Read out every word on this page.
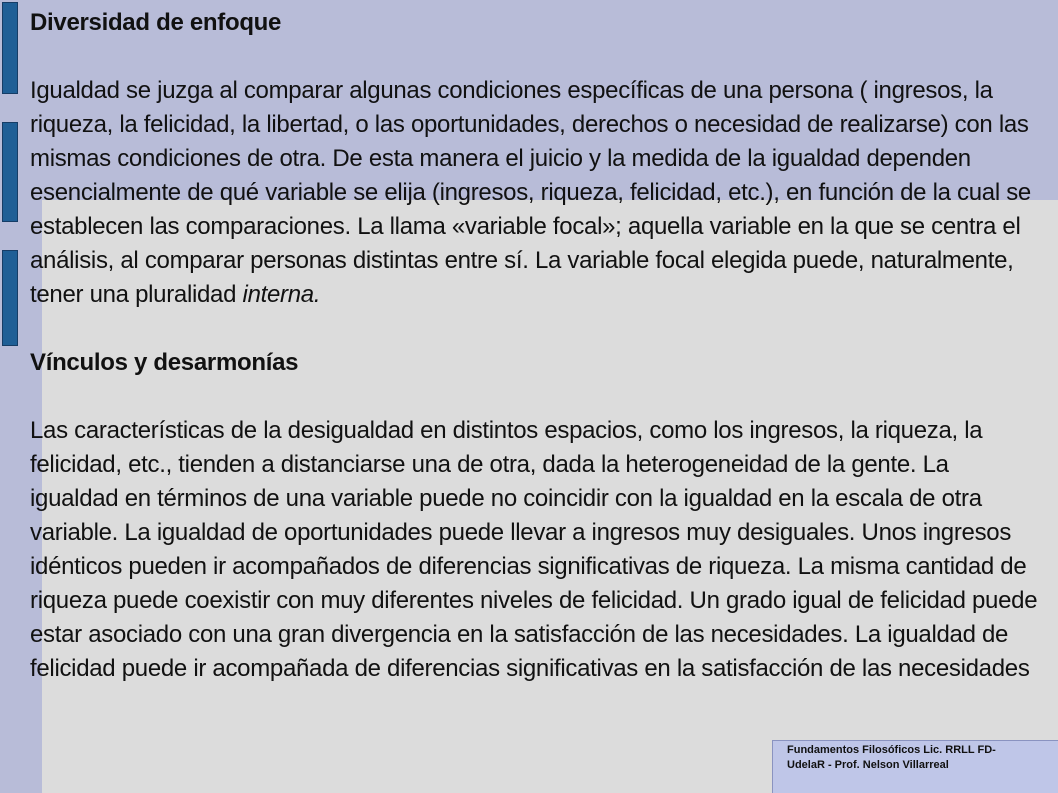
Diversidad de enfoque

Igualdad se juzga al comparar algunas condiciones específicas de una persona ( ingresos, la riqueza, la felicidad, la libertad, o las oportunidades, derechos o necesidad de realizarse) con las mismas condiciones de otra. De esta manera el juicio y la medida de la igualdad dependen esencialmente de qué variable se elija (ingresos, riqueza, felicidad, etc.), en función de la cual se establecen las comparaciones. La llama «variable focal»; aquella variable en la que se centra el análisis, al comparar personas distintas entre sí. La variable focal elegida puede, naturalmente, tener una pluralidad interna.

Vínculos y desarmonías

Las características de la desigualdad en distintos espacios, como los ingresos, la riqueza, la felicidad, etc., tienden a distanciarse una de otra, dada la heterogeneidad de la gente. La igualdad en términos de una variable puede no coincidir con la igualdad en la escala de otra variable. La igualdad de oportunidades puede llevar a ingresos muy desiguales. Unos ingresos idénticos pueden ir acompañados de diferencias significativas de riqueza. La misma cantidad de riqueza puede coexistir con muy diferentes niveles de felicidad. Un grado igual de felicidad puede estar asociado con una gran divergencia en la satisfacción de las necesidades. La igualdad de felicidad puede ir acompañada de diferencias significativas en la satisfacción de las necesidades

Fundamentos Filosóficos Lic. RRLL FD-
UdelaR - Prof. Nelson Villarreal
